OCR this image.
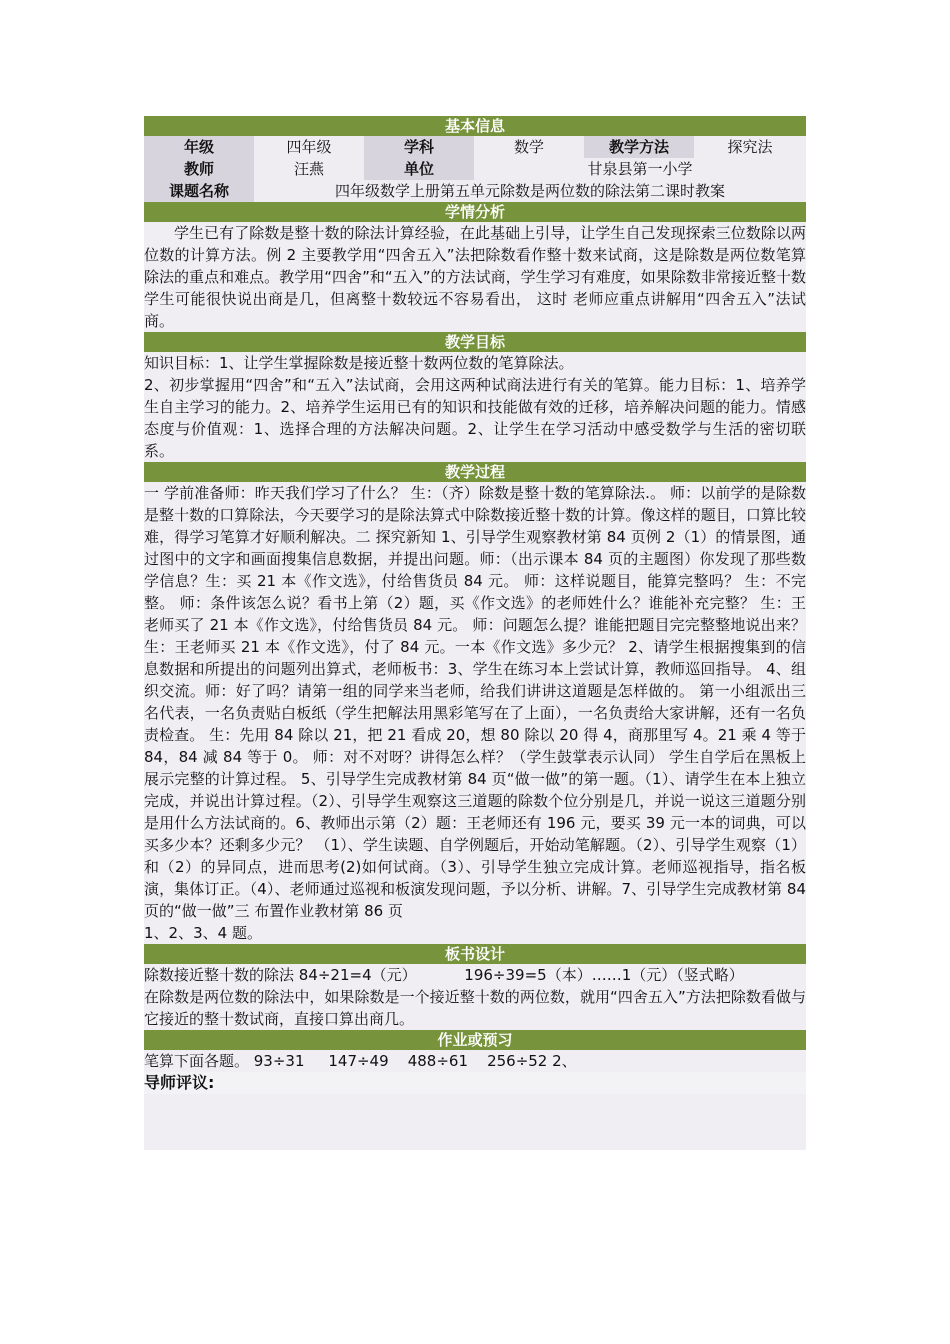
基本信息
年级	四年级	学科	数学	教学方法	探究法
教师	汪燕	单位	甘泉县第一小学
课题名称	四年级数学上册第五单元除数是两位数的除法第二课时教案
学情分析
学生已有了除数是整十数的除法计算经验，在此基础上引导，让学生自己发现探索三位数除以两位数的计算方法。例 2 主要教学用“四舍五入”法把除数看作整十数来试商，这是除数是两位数笔算除法的重点和难点。教学用“四舍”和“五入”的方法试商，学生学习有难度，如果除数非常接近整十数学生可能很快说出商是几，但离整十数较远不容易看出， 这时 老师应重点讲解用“四舍五入”法试商。
教学目标
知识目标：1、让学生掌握除数是接近整十数两位数的笔算除法。
2、初步掌握用“四舍”和“五入”法试商，会用这两种试商法进行有关的笔算。能力目标：1、培养学生自主学习的能力。2、培养学生运用已有的知识和技能做有效的迁移，培养解决问题的能力。情感态度与价值观：1、选择合理的方法解决问题。2、让学生在学习活动中感受数学与生活的密切联系。
教学过程
一 学前准备师：昨天我们学习了什么？ 生：（齐）除数是整十数的笔算除法.。 师：以前学的是除数是整十数的口算除法，今天要学习的是除法算式中除数接近整十数的计算。像这样的题目，口算比较难，得学习笔算才好顺利解决。二 探究新知 1、引导学生观察教材第 84 页例 2（1）的情景图，通过图中的文字和画面搜集信息数据，并提出问题。师：（出示课本 84 页的主题图）你发现了那些数学信息？生：买 21 本《作文选》，付给售货员 84 元。 师：这样说题目，能算完整吗？ 生：不完整。 师：条件该怎么说？看书上第（2）题，买《作文选》的老师姓什么？谁能补充完整？ 生：王老师买了 21 本《作文选》，付给售货员 84 元。 师：问题怎么提？谁能把题目完完整整地说出来？ 生：王老师买 21 本《作文选》，付了 84 元。一本《作文选》多少元？ 2、请学生根据搜集到的信息数据和所提出的问题列出算式，老师板书：3、学生在练习本上尝试计算，教师巡回指导。 4、组织交流。师：好了吗？请第一组的同学来当老师，给我们讲讲这道题是怎样做的。 第一小组派出三名代表，一名负责贴白板纸（学生把解法用黑彩笔写在了上面），一名负责给大家讲解，还有一名负责检查。 生：先用 84 除以 21，把 21 看成 20，想 80 除以 20 得 4，商那里写 4。21 乘 4 等于 84，84 减 84 等于 0。 师：对不对呀？讲得怎么样？（学生鼓掌表示认同） 学生自学后在黑板上展示完整的计算过程。 5、引导学生完成教材第 84 页“做一做”的第一题。（1）、请学生在本上独立完成，并说出计算过程。（2）、引导学生观察这三道题的除数个位分别是几，并说一说这三道题分别是用什么方法试商的。6、教师出示第（2）题：王老师还有 196 元，要买 39 元一本的词典，可以买多少本？还剩多少元？ （1）、学生读题、自学例题后，开始动笔解题。（2）、引导学生观察（1）和（2）的异同点，进而思考(2)如何试商。（3）、引导学生独立完成计算。老师巡视指导，指名板演，集体订正。（4）、老师通过巡视和板演发现问题，予以分析、讲解。7、引导学生完成教材第 84 页的“做一做”三 布置作业教材第 86 页
1、2、3、4 题。
板书设计
除数接近整十数的除法 84÷21=4（元）          196÷39=5（本）……1（元）（竖式略）
在除数是两位数的除法中，如果除数是一个接近整十数的两位数，就用“四舍五入”方法把除数看做与它接近的整十数试商，直接口算出商几。
作业或预习
笔算下面各题。 93÷31     147÷49    488÷61    256÷52 2、
导师评议:
